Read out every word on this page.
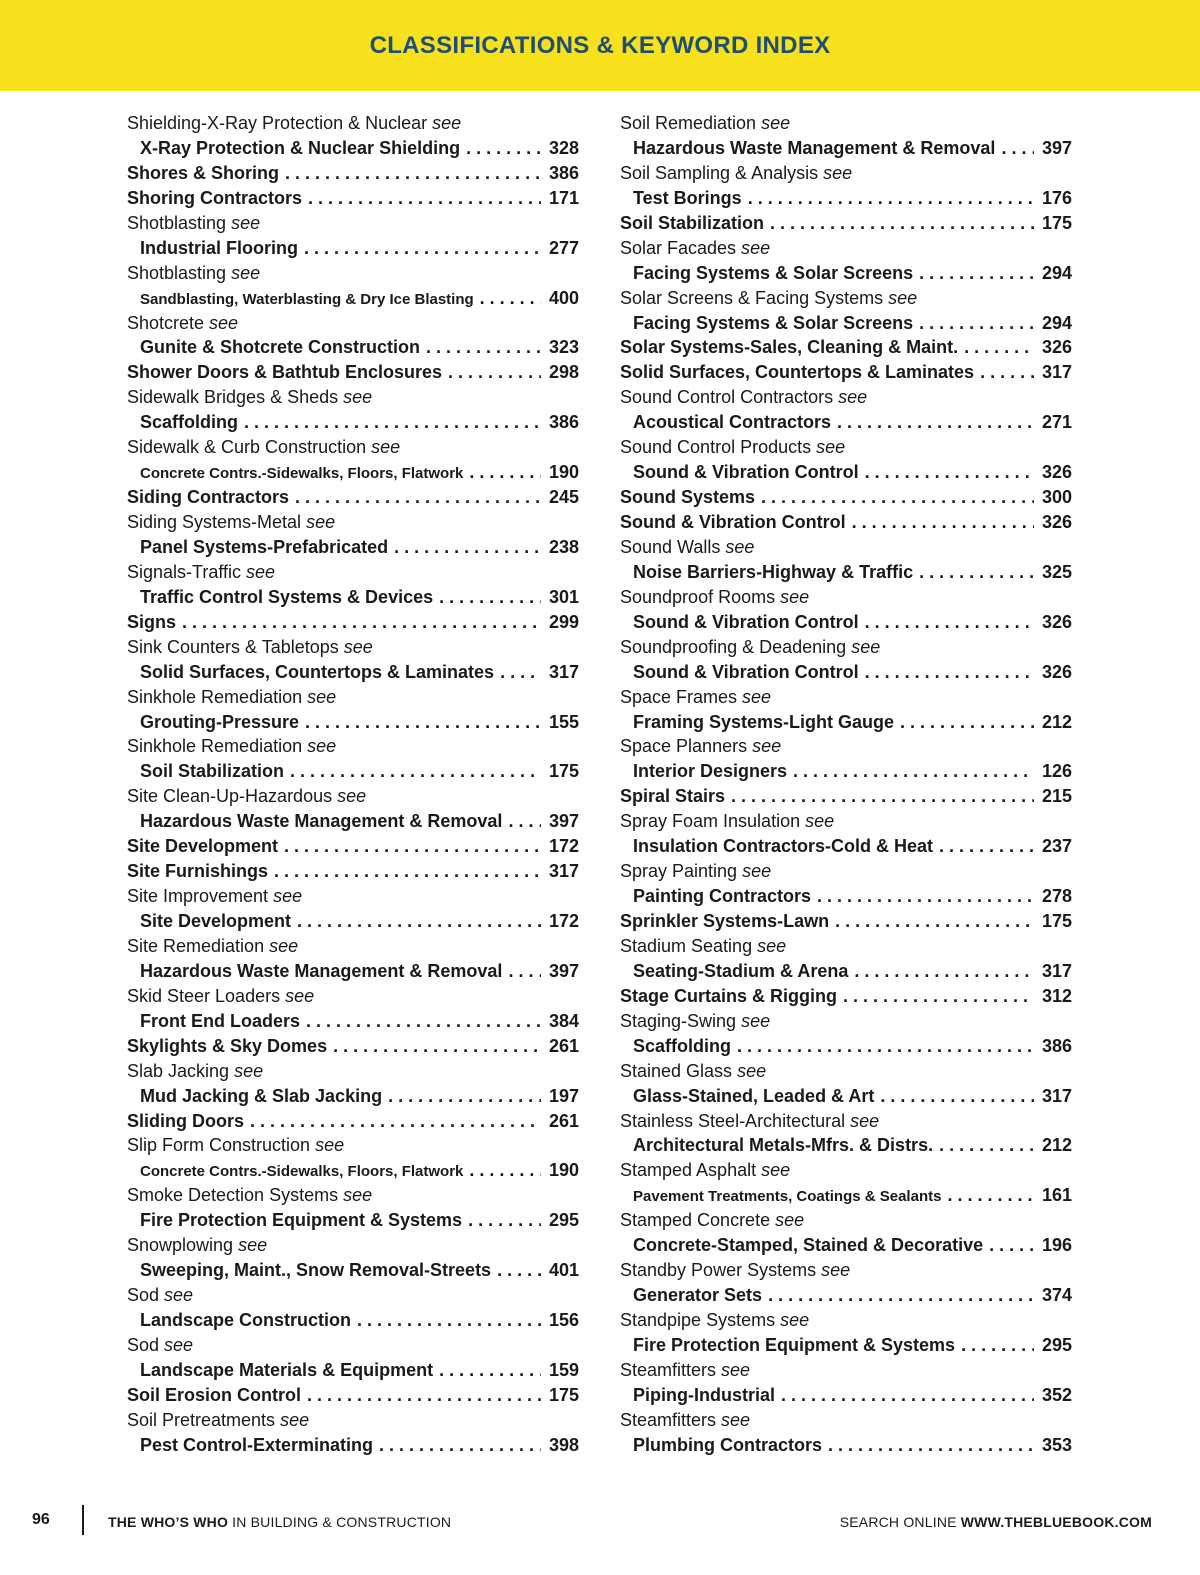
CLASSIFICATIONS & KEYWORD INDEX
Shielding-X-Ray Protection & Nuclear see
X-Ray Protection & Nuclear Shielding . . .	328
Shores & Shoring . . .	386
Shoring Contractors . . .	171
Shotblasting see
Industrial Flooring . . .	277
Shotblasting see
Sandblasting, Waterblasting & Dry Ice Blasting . . .	400
Shotcrete see
Gunite & Shotcrete Construction . . .	323
Shower Doors & Bathtub Enclosures . . .	298
Sidewalk Bridges & Sheds see
Scaffolding . . .	386
Sidewalk & Curb Construction see
Concrete Contrs.-Sidewalks, Floors, Flatwork . . .	190
Siding Contractors . . .	245
Siding Systems-Metal see
Panel Systems-Prefabricated . . .	238
Signals-Traffic see
Traffic Control Systems & Devices . . .	301
Signs . . .	299
Sink Counters & Tabletops see
Solid Surfaces, Countertops & Laminates . . .	317
Sinkhole Remediation see
Grouting-Pressure . . .	155
Sinkhole Remediation see
Soil Stabilization . . .	175
Site Clean-Up-Hazardous see
Hazardous Waste Management & Removal . . .	397
Site Development . . .	172
Site Furnishings . . .	317
Site Improvement see
Site Development . . .	172
Site Remediation see
Hazardous Waste Management & Removal . . .	397
Skid Steer Loaders see
Front End Loaders . . .	384
Skylights & Sky Domes . . .	261
Slab Jacking see
Mud Jacking & Slab Jacking . . .	197
Sliding Doors . . .	261
Slip Form Construction see
Concrete Contrs.-Sidewalks, Floors, Flatwork . . .	190
Smoke Detection Systems see
Fire Protection Equipment & Systems . . .	295
Snowplowing see
Sweeping, Maint., Snow Removal-Streets . . .	401
Sod see
Landscape Construction . . .	156
Sod see
Landscape Materials & Equipment . . .	159
Soil Erosion Control . . .	175
Soil Pretreatments see
Pest Control-Exterminating . . .	398
Soil Remediation see
Hazardous Waste Management & Removal . . .	397
Soil Sampling & Analysis see
Test Borings . . .	176
Soil Stabilization . . .	175
Solar Facades see
Facing Systems & Solar Screens . . .	294
Solar Screens & Facing Systems see
Facing Systems & Solar Screens . . .	294
Solar Systems-Sales, Cleaning & Maint. . . .	326
Solid Surfaces, Countertops & Laminates . . .	317
Sound Control Contractors see
Acoustical Contractors . . .	271
Sound Control Products see
Sound & Vibration Control . . .	326
Sound Systems . . .	300
Sound & Vibration Control . . .	326
Sound Walls see
Noise Barriers-Highway & Traffic . . .	325
Soundproof Rooms see
Sound & Vibration Control . . .	326
Soundproofing & Deadening see
Sound & Vibration Control . . .	326
Space Frames see
Framing Systems-Light Gauge . . .	212
Space Planners see
Interior Designers . . .	126
Spiral Stairs . . .	215
Spray Foam Insulation see
Insulation Contractors-Cold & Heat . . .	237
Spray Painting see
Painting Contractors . . .	278
Sprinkler Systems-Lawn . . .	175
Stadium Seating see
Seating-Stadium & Arena . . .	317
Stage Curtains & Rigging . . .	312
Staging-Swing see
Scaffolding . . .	386
Stained Glass see
Glass-Stained, Leaded & Art . . .	317
Stainless Steel-Architectural see
Architectural Metals-Mfrs. & Distrs. . . .	212
Stamped Asphalt see
Pavement Treatments, Coatings & Sealants . . .	161
Stamped Concrete see
Concrete-Stamped, Stained & Decorative . . .	196
Standby Power Systems see
Generator Sets . . .	374
Standpipe Systems see
Fire Protection Equipment & Systems . . .	295
Steamfitters see
Piping-Industrial . . .	352
Steamfitters see
Plumbing Contractors . . .	353
96	THE WHO’S WHO IN BUILDING & CONSTRUCTION	SEARCH ONLINE WWW.THEBLUEBOOK.COM
